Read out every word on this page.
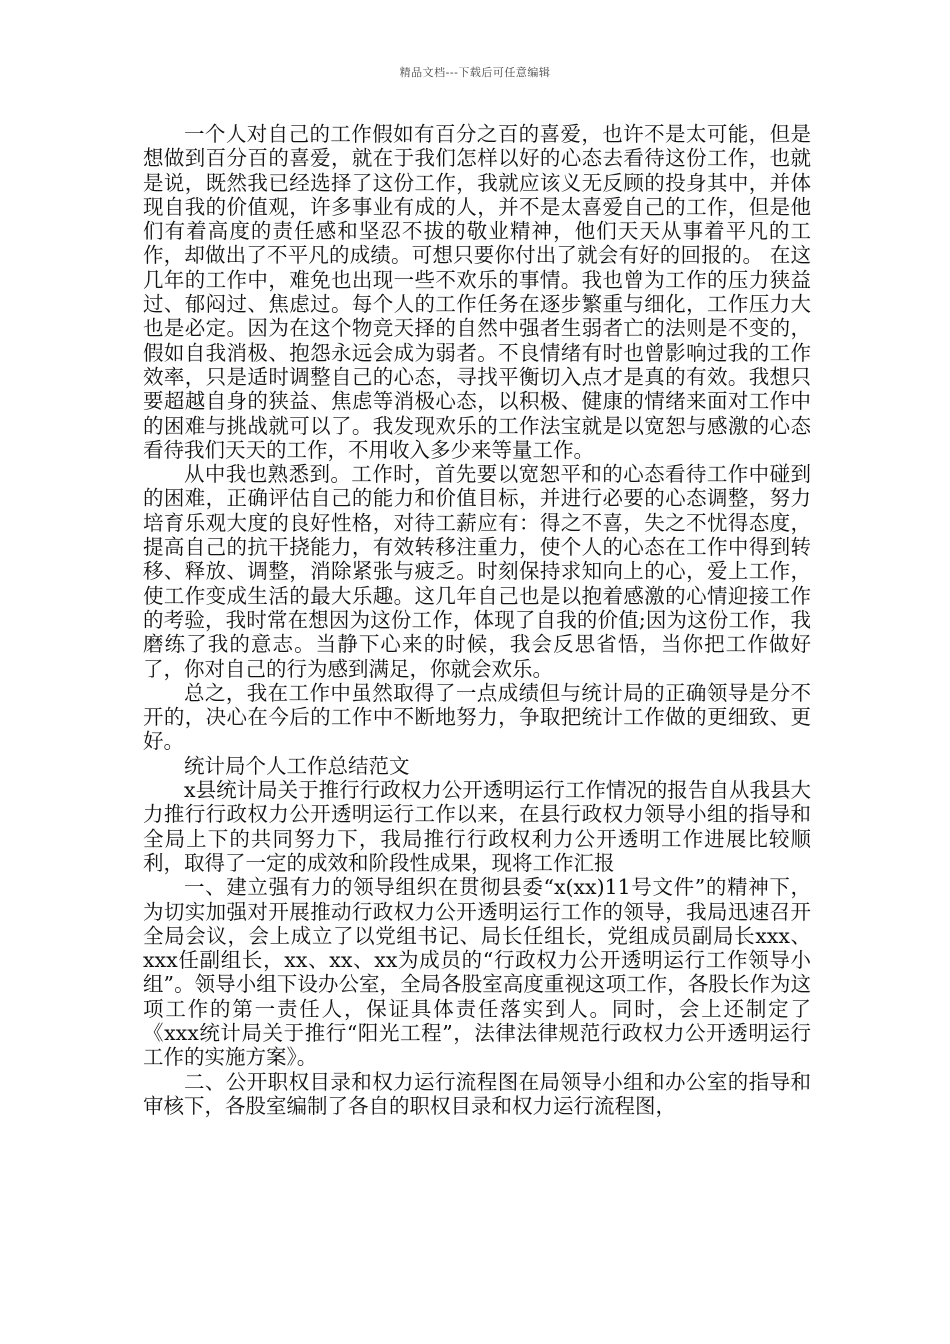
精品文档---下载后可任意编辑

一个人对自己的工作假如有百分之百的喜爱，也许不是太可能，但是想做到百分百的喜爱，就在于我们怎样以好的心态去看待这份工作，也就是说，既然我已经选择了这份工作，我就应该义无反顾的投身其中，并体现自我的价值观，许多事业有成的人，并不是太喜爱自己的工作，但是他们有着高度的责任感和坚忍不拔的敬业精神，他们天天从事着平凡的工作，却做出了不平凡的成绩。可想只要你付出了就会有好的回报的。 在这几年的工作中，难免也出现一些不欢乐的事情。我也曾为工作的压力狭益过、郁闷过、焦虑过。每个人的工作任务在逐步繁重与细化，工作压力大也是必定。因为在这个物竞天择的自然中强者生弱者亡的法则是不变的，假如自我消极、抱怨永远会成为弱者。不良情绪有时也曾影响过我的工作效率，只是适时调整自己的心态，寻找平衡切入点才是真的有效。我想只要超越自身的狭益、焦虑等消极心态，以积极、健康的情绪来面对工作中的困难与挑战就可以了。我发现欢乐的工作法宝就是以宽恕与感激的心态看待我们天天的工作，不用收入多少来等量工作。

从中我也熟悉到。工作时，首先要以宽恕平和的心态看待工作中碰到的困难，正确评估自己的能力和价值目标，并进行必要的心态调整，努力培育乐观大度的良好性格，对待工薪应有：得之不喜，失之不忧得态度，提高自己的抗干挠能力，有效转移注重力，使个人的心态在工作中得到转移、释放、调整，消除紧张与疲乏。时刻保持求知向上的心，爱上工作，使工作变成生活的最大乐趣。这几年自己也是以抱着感激的心情迎接工作的考验，我时常在想因为这份工作，体现了自我的价值;因为这份工作，我磨练了我的意志。当静下心来的时候，我会反思省悟，当你把工作做好了，你对自己的行为感到满足，你就会欢乐。

总之，我在工作中虽然取得了一点成绩但与统计局的正确领导是分不开的，决心在今后的工作中不断地努力，争取把统计工作做的更细致、更好。

统计局个人工作总结范文

x县统计局关于推行行政权力公开透明运行工作情况的报告自从我县大力推行行政权力公开透明运行工作以来，在县行政权力领导小组的指导和全局上下的共同努力下，我局推行行政权利力公开透明工作进展比较顺利，取得了一定的成效和阶段性成果，现将工作汇报

一、建立强有力的领导组织在贯彻县委“x(xx)11号文件”的精神下，为切实加强对开展推动行政权力公开透明运行工作的领导，我局迅速召开全局会议，会上成立了以党组书记、局长任组长，党组成员副局长xxx、xxx任副组长，xx、xx、xx为成员的“行政权力公开透明运行工作领导小组”。领导小组下设办公室，全局各股室高度重视这项工作，各股长作为这项工作的第一责任人，保证具体责任落实到人。同时，会上还制定了《xxx统计局关于推行“阳光工程”，法律法律规范行政权力公开透明运行工作的实施方案》。

二、公开职权目录和权力运行流程图在局领导小组和办公室的指导和审核下，各股室编制了各自的职权目录和权力运行流程图，
